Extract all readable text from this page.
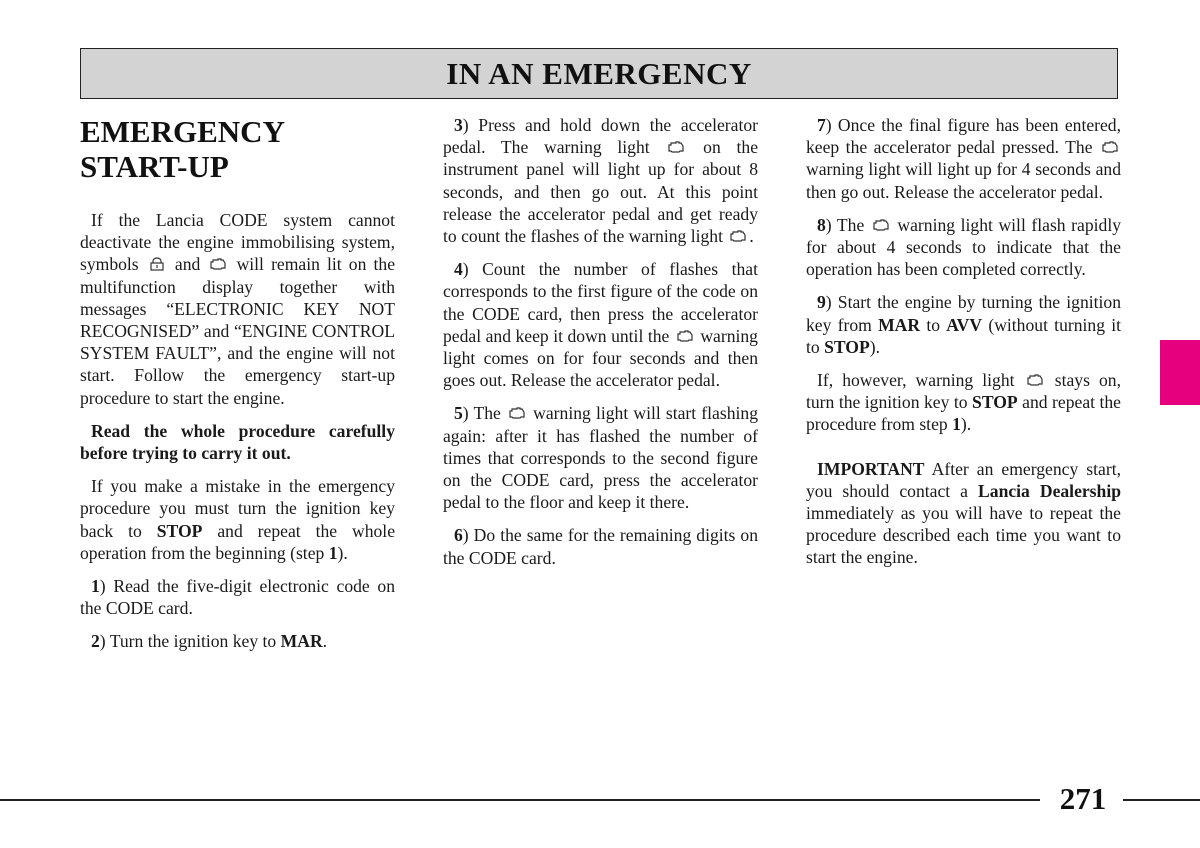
IN AN EMERGENCY
EMERGENCY START-UP

If the Lancia CODE system cannot deactivate the engine immobilising system, symbols and will remain lit on the multifunction display together with messages “ELECTRONIC KEY NOT RECOGNISED” and “ENGINE CONTROL SYSTEM FAULT”, and the engine will not start. Follow the emergency start-up procedure to start the engine.

Read the whole procedure carefully before trying to carry it out.

If you make a mistake in the emergency procedure you must turn the ignition key back to STOP and repeat the whole operation from the beginning (step 1).

1) Read the five-digit electronic code on the CODE card.

2) Turn the ignition key to MAR.

3) Press and hold down the accelerator pedal. The warning light	on the instrument panel will light up for about 8 seconds, and then go out. At this point release the accelerator pedal and get ready to count the flashes of the warning light .

4) Count the number of flashes that corresponds to the first figure of the code on the CODE card, then press the accelerator pedal and keep it down until the warning light comes on for four seconds and then goes out. Release the accelerator pedal.

5) The warning light will start flashing again: after it has flashed the number of times that corresponds to the second figure on the CODE card, press the accelerator pedal to the floor and keep it there.

6) Do the same for the remaining digits on the CODE card.

7) Once the final figure has been entered, keep the accelerator pedal pressed. The
warning light will light up for 4 seconds and then go out. Release the accelerator pedal.

8) The warning light will flash rapidly for about 4 seconds to indicate that the operation has been completed correctly.

9) Start the engine by turning the ignition key from MAR to AVV (without turning it to STOP).

If, however, warning light stays on, turn the ignition key to STOP and repeat the procedure from step 1).

IMPORTANT After an emergency start, you should contact a Lancia Dealership immediately as you will have to repeat the procedure described each time you want to start the engine.

271
